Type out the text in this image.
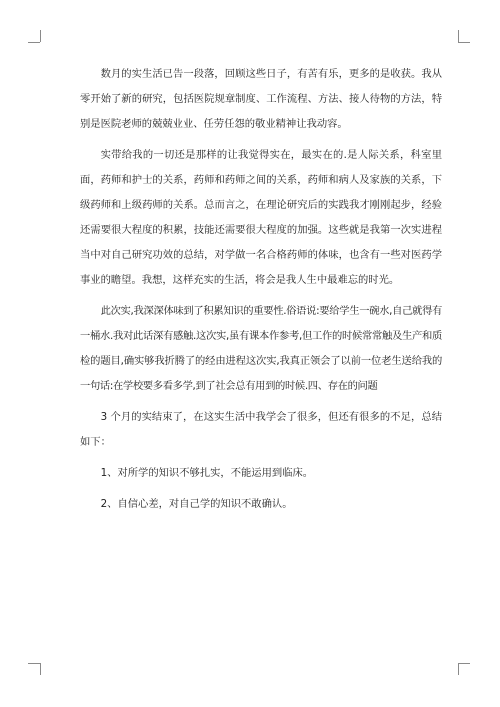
数月的实生活已告一段落，回顾这些日子，有苦有乐，更多的是收获。我从零开始了新的研究，包括医院规章制度、工作流程、方法、接人待物的方法，特别是医院老师的兢兢业业、任劳任怨的敬业精神让我动容。

实带给我的一切还是那样的让我觉得实在，最实在的.是人际关系，科室里面，药师和护士的关系，药师和药师之间的关系，药师和病人及家族的关系，下级药师和上级药师的关系。总而言之，在理论研究后的实践我才刚刚起步，经验还需要很大程度的积累，技能还需要很大程度的加强。这些就是我第一次实进程当中对自己研究功效的总结，对学做一名合格药师的体味，也含有一些对医药学事业的瞻望。我想，这样充实的生活，将会是我人生中最难忘的时光。

此次实,我深深体味到了积累知识的重要性.俗语说:要给学生一碗水,自己就得有一桶水.我对此话深有感触.这次实,虽有课本作参考,但工作的时候常常触及生产和质检的题目,确实够我折腾了的经由进程这次实,我真正领会了以前一位老生送给我的一句话:在学校要多看多学,到了社会总有用到的时候.四、存在的问题

3 个月的实结束了，在这实生活中我学会了很多，但还有很多的不足，总结如下：

1、对所学的知识不够扎实，不能运用到临床。

2、自信心差，对自己学的知识不敢确认。
